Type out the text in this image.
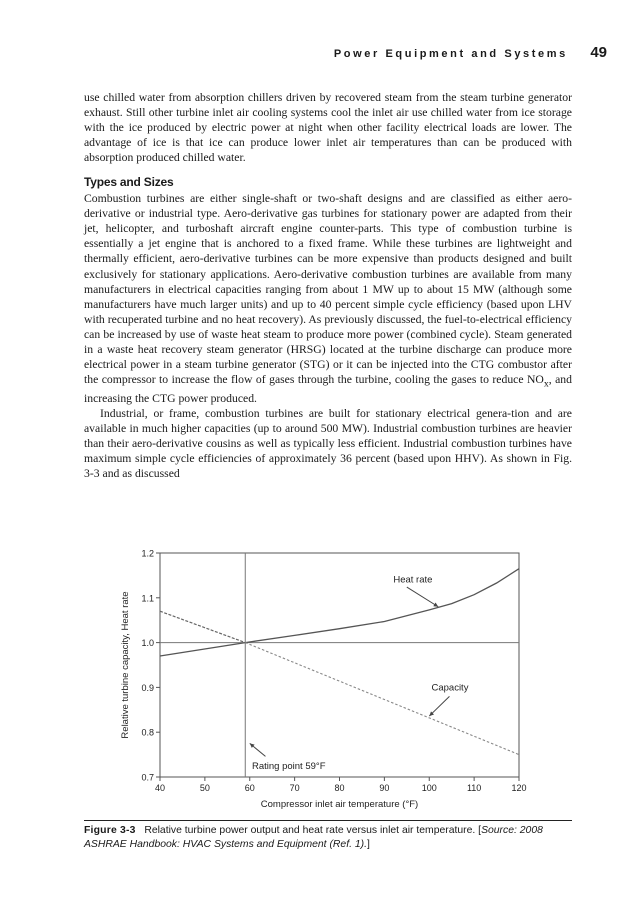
Power Equipment and Systems 49

use chilled water from absorption chillers driven by recovered steam from the steam turbine generator exhaust. Still other turbine inlet air cooling systems cool the inlet air use chilled water from ice storage with the ice produced by electric power at night when other facility electrical loads are lower. The advantage of ice is that ice can produce lower inlet air temperatures than can be produced with absorption produced chilled water.

Types and Sizes

Combustion turbines are either single-shaft or two-shaft designs and are classified as either aero-derivative or industrial type. Aero-derivative gas turbines for stationary power are adapted from their jet, helicopter, and turboshaft aircraft engine counter-parts. This type of combustion turbine is essentially a jet engine that is anchored to a fixed frame. While these turbines are lightweight and thermally efficient, aero-derivative turbines can be more expensive than products designed and built exclusively for stationary applications. Aero-derivative combustion turbines are available from many manufacturers in electrical capacities ranging from about 1 MW up to about 15 MW (although some manufacturers have much larger units) and up to 40 percent simple cycle efficiency (based upon LHV with recuperated turbine and no heat recovery). As previously discussed, the fuel-to-electrical efficiency can be increased by use of waste heat steam to produce more power (combined cycle). Steam generated in a waste heat recovery steam generator (HRSG) located at the turbine discharge can produce more electrical power in a steam turbine generator (STG) or it can be injected into the CTG combustor after the compressor to increase the flow of gases through the turbine, cooling the gases to reduce $NO_x$, and increasing the CTG power produced.

Industrial, or frame, combustion turbines are built for stationary electrical genera-tion and are available in much higher capacities (up to around 500 MW). Industrial combustion turbines are heavier than their aero-derivative cousins as well as typically less efficient. Industrial combustion turbines have maximum simple cycle efficiencies of approximately 36 percent (based upon HHV). As shown in Fig. 3-3 and as discussed

0.7
0.8
0.9
1.0
1.1
1.2
40	50	60	70	80	90	100	110	120
Compressor inlet air temperature (°F)
Relative turbine capacity, Heat rate
Heat rate
Capacity
Rating point 59°F
Figure 3-3 Relative turbine power output and heat rate versus inlet air temperature. [Source: 2008 ASHRAE Handbook: HVAC Systems and Equipment (Ref. 1).]
